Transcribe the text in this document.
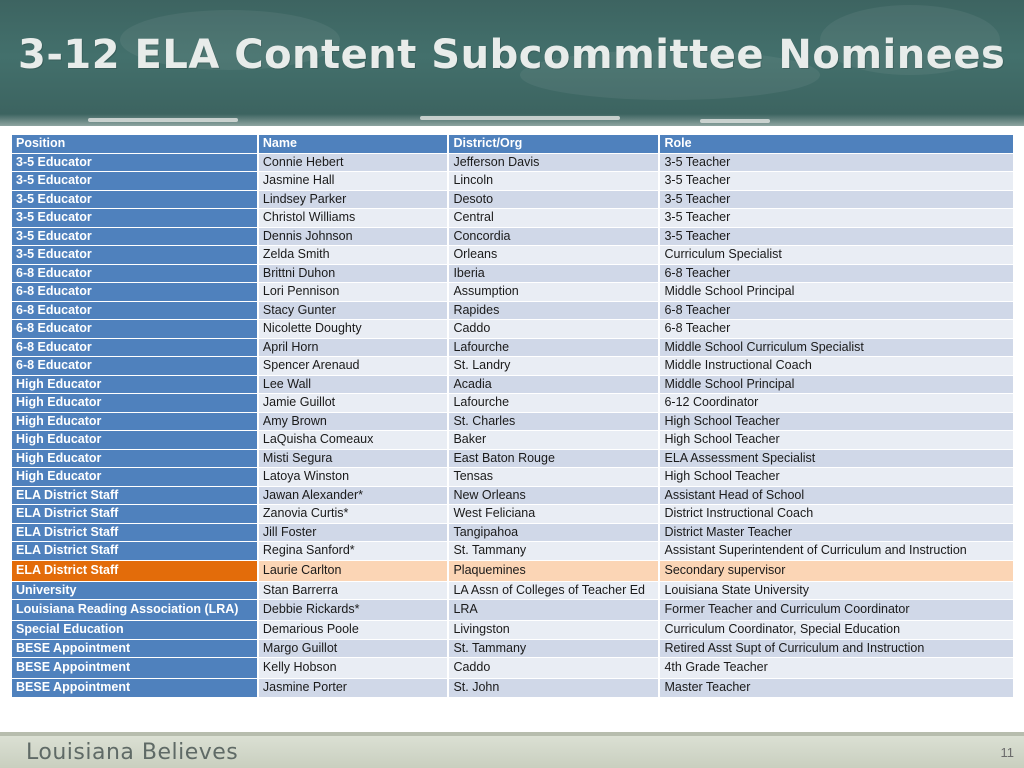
3-12 ELA Content Subcommittee Nominees
Position	Name	District/Org	Role
3-5 Educator	Connie Hebert	Jefferson Davis	3-5 Teacher
3-5 Educator	Jasmine Hall	Lincoln	3-5 Teacher
3-5 Educator	Lindsey Parker	Desoto	3-5 Teacher
3-5 Educator	Christol Williams	Central	3-5 Teacher
3-5 Educator	Dennis Johnson	Concordia	3-5 Teacher
3-5 Educator	Zelda Smith	Orleans	Curriculum Specialist
6-8 Educator	Brittni Duhon	Iberia	6-8 Teacher
6-8 Educator	Lori Pennison	Assumption	Middle School Principal
6-8 Educator	Stacy Gunter	Rapides	6-8 Teacher
6-8 Educator	Nicolette Doughty	Caddo	6-8 Teacher
6-8 Educator	April Horn	Lafourche	Middle School Curriculum Specialist
6-8 Educator	Spencer Arenaud	St. Landry	Middle Instructional Coach
High Educator	Lee Wall	Acadia	Middle School Principal
High Educator	Jamie Guillot	Lafourche	6-12 Coordinator
High Educator	Amy Brown	St. Charles	High School Teacher
High Educator	LaQuisha Comeaux	Baker	High School Teacher
High Educator	Misti Segura	East Baton Rouge	ELA Assessment Specialist
High Educator	Latoya Winston	Tensas	High School Teacher
ELA District Staff	Jawan Alexander*	New Orleans	Assistant Head of School
ELA District Staff	Zanovia Curtis*	West Feliciana	District Instructional Coach
ELA District Staff	Jill Foster	Tangipahoa	District Master Teacher
ELA District Staff	Regina Sanford*	St. Tammany	Assistant Superintendent of Curriculum and Instruction
ELA District Staff	Laurie Carlton	Plaquemines	Secondary supervisor
University	Stan Barrerra	LA Assn of Colleges of Teacher Ed	Louisiana State University
Louisiana Reading Association (LRA)	Debbie Rickards*	LRA	Former Teacher and Curriculum Coordinator
Special Education	Demarious Poole	Livingston	Curriculum Coordinator, Special Education
BESE Appointment	Margo Guillot	St. Tammany	Retired Asst Supt of Curriculum and Instruction
BESE Appointment	Kelly Hobson	Caddo	4th Grade Teacher
BESE Appointment	Jasmine Porter	St. John	Master Teacher
Louisiana Believes	11
